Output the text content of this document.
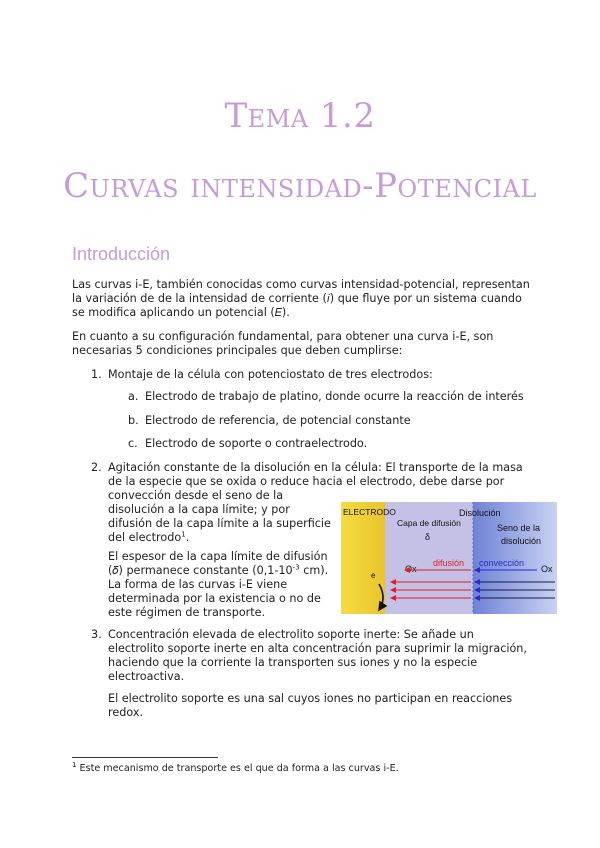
Tema 1.2
Curvas intensidad-Potencial
Introducción

Las curvas i-E, también conocidas como curvas intensidad-potencial, representan la variación de de la intensidad de corriente (𝑖) que fluye por un sistema cuando se modifica aplicando un potencial (𝐸).

En cuanto a su configuración fundamental, para obtener una curva i-E, son necesarias 5 condiciones principales que deben cumplirse:

1. Montaje de la célula con potenciostato de tres electrodos:
a. Electrodo de trabajo de platino, donde ocurre la reacción de interés
b. Electrodo de referencia, de potencial constante
c. Electrodo de soporte o contraelectrodo.
2. Agitación constante de la disolución en la célula: El transporte de la masa
de la especie que se oxida o reduce hacia el electrodo, debe darse por
convección desde el seno de la
disolución a la capa límite; y por
difusión de la capa límite a la superficie
del electrodo$^1$.
El espesor de la capa límite de difusión
(𝛿) permanece constante ($0,1-10^{-3}$ cm).
La forma de las curvas i-E viene
determinada por la existencia o no de
este régimen de transporte.
ELECTRODO
Capa de difusión
δ
Disolución
Seno de la
disolución
e
Ox
difusión convección
Ox
3. Concentración elevada de electrolito soporte inerte: Se añade un electrolito soporte inerte en alta concentración para suprimir la migración, haciendo que la corriente la transporten sus iones y no la especie electroactiva.

El electrolito soporte es una sal cuyos iones no participan en reacciones redox.

$^1$ Este mecanismo de transporte es el que da forma a las curvas i-E.
